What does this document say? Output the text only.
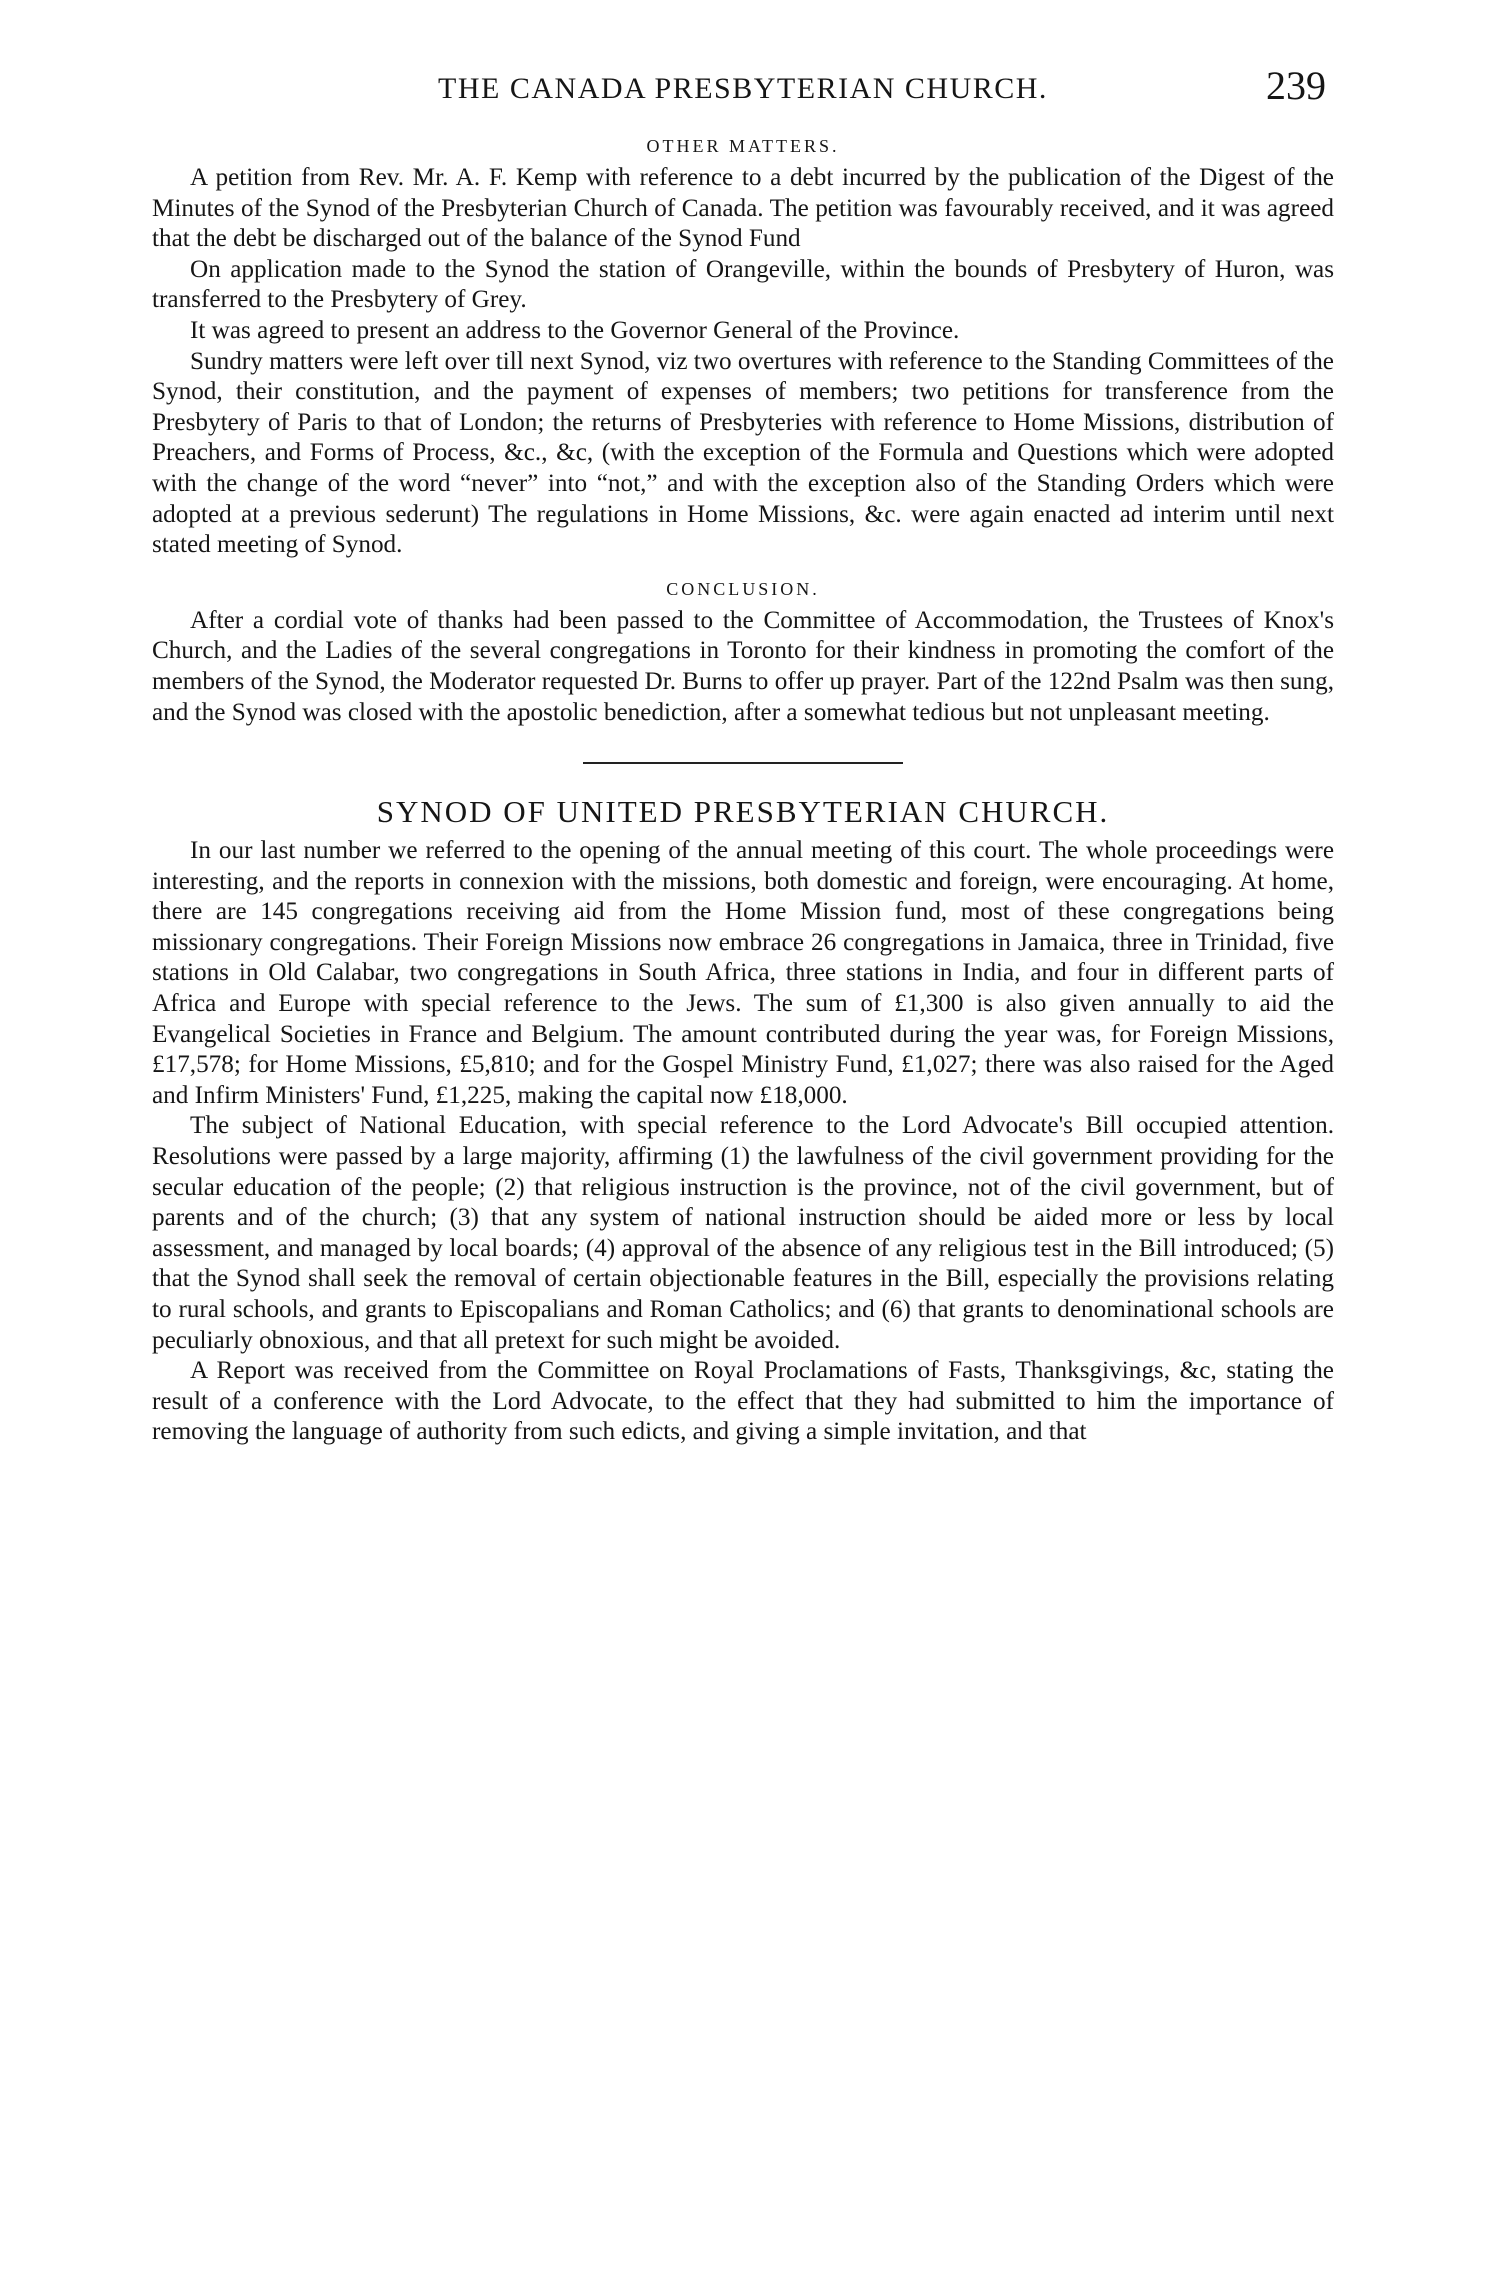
THE CANADA PRESBYTERIAN CHURCH.	239
OTHER MATTERS.

A petition from Rev. Mr. A. F. Kemp with reference to a debt incurred by the publication of the Digest of the Minutes of the Synod of the Presbyterian Church of Canada. The petition was favourably received, and it was agreed that the debt be discharged out of the balance of the Synod Fund

On application made to the Synod the station of Orangeville, within the bounds of Presbytery of Huron, was transferred to the Presbytery of Grey.

It was agreed to present an address to the Governor General of the Province.

Sundry matters were left over till next Synod, viz two overtures with reference to the Standing Committees of the Synod, their constitution, and the payment of expenses of members; two petitions for transference from the Presbytery of Paris to that of London; the returns of Presbyteries with reference to Home Missions, distribution of Preachers, and Forms of Process, &c., &c, (with the exception of the Formula and Questions which were adopted with the change of the word “never” into “not,” and with the exception also of the Standing Orders which were adopted at a previous sederunt) The regulations in Home Missions, &c. were again enacted ad interim until next stated meeting of Synod.

CONCLUSION.

After a cordial vote of thanks had been passed to the Committee of Accommodation, the Trustees of Knox's Church, and the Ladies of the several congregations in Toronto for their kindness in promoting the comfort of the members of the Synod, the Moderator requested Dr. Burns to offer up prayer. Part of the 122nd Psalm was then sung, and the Synod was closed with the apostolic benediction, after a somewhat tedious but not unpleasant meeting.

SYNOD OF UNITED PRESBYTERIAN CHURCH.

In our last number we referred to the opening of the annual meeting of this court. The whole proceedings were interesting, and the reports in connexion with the missions, both domestic and foreign, were encouraging. At home, there are 145 congregations receiving aid from the Home Mission fund, most of these congregations being missionary congregations. Their Foreign Missions now embrace 26 congregations in Jamaica, three in Trinidad, five stations in Old Calabar, two congregations in South Africa, three stations in India, and four in different parts of Africa and Europe with special reference to the Jews. The sum of £1,300 is also given annually to aid the Evangelical Societies in France and Belgium. The amount contributed during the year was, for Foreign Missions, £17,578; for Home Missions, £5,810; and for the Gospel Ministry Fund, £1,027; there was also raised for the Aged and Infirm Ministers' Fund, £1,225, making the capital now £18,000.

The subject of National Education, with special reference to the Lord Advocate's Bill occupied attention. Resolutions were passed by a large majority, affirming (1) the lawfulness of the civil government providing for the secular education of the people; (2) that religious instruction is the province, not of the civil government, but of parents and of the church; (3) that any system of national instruction should be aided more or less by local assessment, and managed by local boards; (4) approval of the absence of any religious test in the Bill introduced; (5) that the Synod shall seek the removal of certain objectionable features in the Bill, especially the provisions relating to rural schools, and grants to Episcopalians and Roman Catholics; and (6) that grants to denominational schools are peculiarly obnoxious, and that all pretext for such might be avoided.

A Report was received from the Committee on Royal Proclamations of Fasts, Thanksgivings, &c, stating the result of a conference with the Lord Advocate, to the effect that they had submitted to him the importance of removing the language of authority from such edicts, and giving a simple invitation, and that
